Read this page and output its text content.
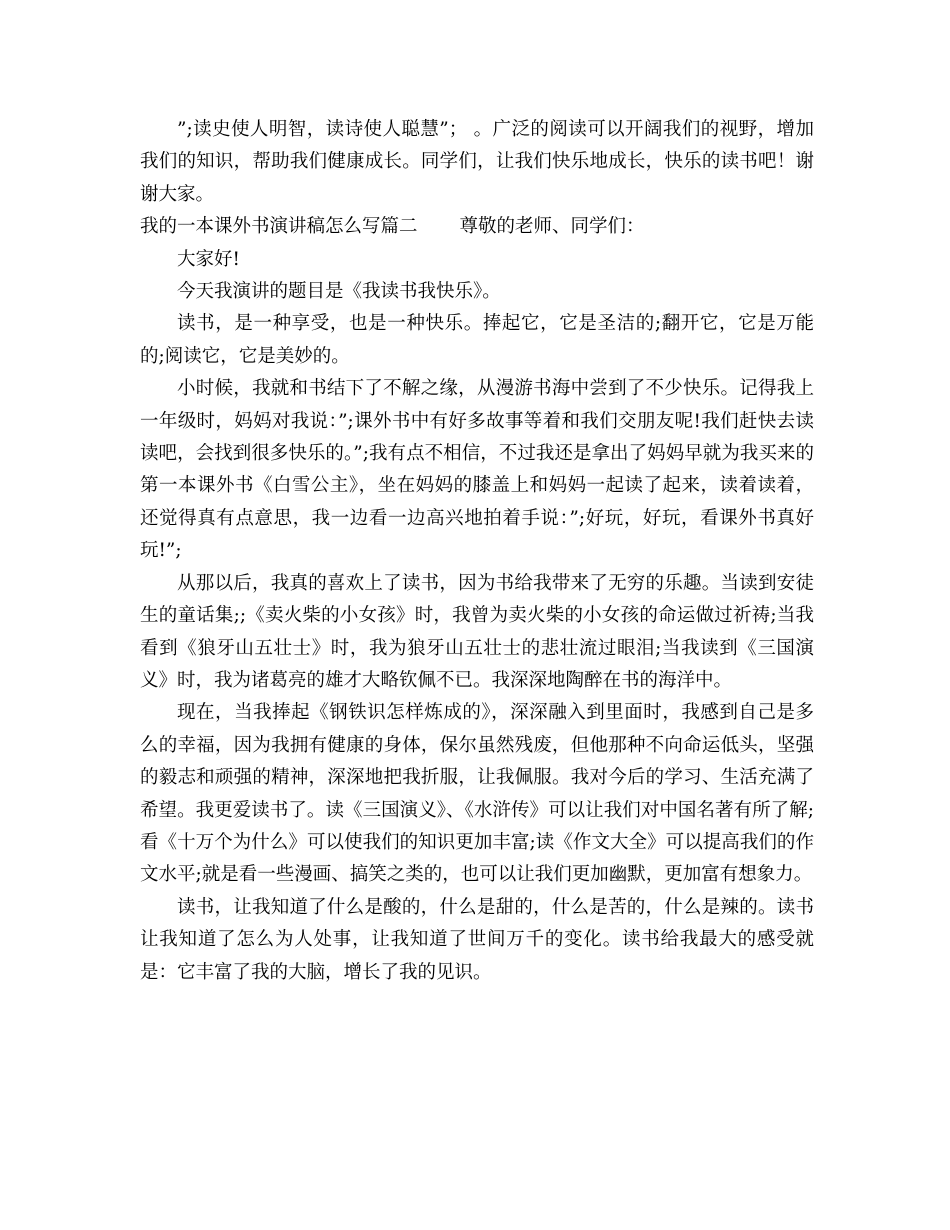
”;读史使人明智，读诗使人聪慧”； 。广泛的阅读可以开阔我们的视野，增加我们的知识，帮助我们健康成长。同学们，让我们快乐地成长，快乐的读书吧！谢谢大家。

我的一本课外书演讲稿怎么写篇二 尊敬的老师、同学们：

大家好!

今天我演讲的题目是《我读书我快乐》。

读书，是一种享受，也是一种快乐。捧起它，它是圣洁的;翻开它，它是万能的;阅读它，它是美妙的。

小时候，我就和书结下了不解之缘，从漫游书海中尝到了不少快乐。记得我上一年级时，妈妈对我说：”;课外书中有好多故事等着和我们交朋友呢!我们赶快去读读吧，会找到很多快乐的。”;我有点不相信，不过我还是拿出了妈妈早就为我买来的第一本课外书《白雪公主》，坐在妈妈的膝盖上和妈妈一起读了起来，读着读着，还觉得真有点意思，我一边看一边高兴地拍着手说：”;好玩，好玩，看课外书真好玩!”;

从那以后，我真的喜欢上了读书，因为书给我带来了无穷的乐趣。当读到安徒生的童话集;;《卖火柴的小女孩》时，我曾为卖火柴的小女孩的命运做过祈祷;当我看到《狼牙山五壮士》时，我为狼牙山五壮士的悲壮流过眼泪;当我读到《三国演义》时，我为诸葛亮的雄才大略钦佩不已。我深深地陶醉在书的海洋中。

现在，当我捧起《钢铁识怎样炼成的》，深深融入到里面时，我感到自己是多么的幸福，因为我拥有健康的身体，保尔虽然残废，但他那种不向命运低头，坚强的毅志和顽强的精神，深深地把我折服，让我佩服。我对今后的学习、生活充满了希望。我更爱读书了。读《三国演义》、《水浒传》可以让我们对中国名著有所了解;看《十万个为什么》可以使我们的知识更加丰富;读《作文大全》可以提高我们的作文水平;就是看一些漫画、搞笑之类的，也可以让我们更加幽默，更加富有想象力。

读书，让我知道了什么是酸的，什么是甜的，什么是苦的，什么是辣的。读书让我知道了怎么为人处事，让我知道了世间万千的变化。读书给我最大的感受就是：它丰富了我的大脑，增长了我的见识。
